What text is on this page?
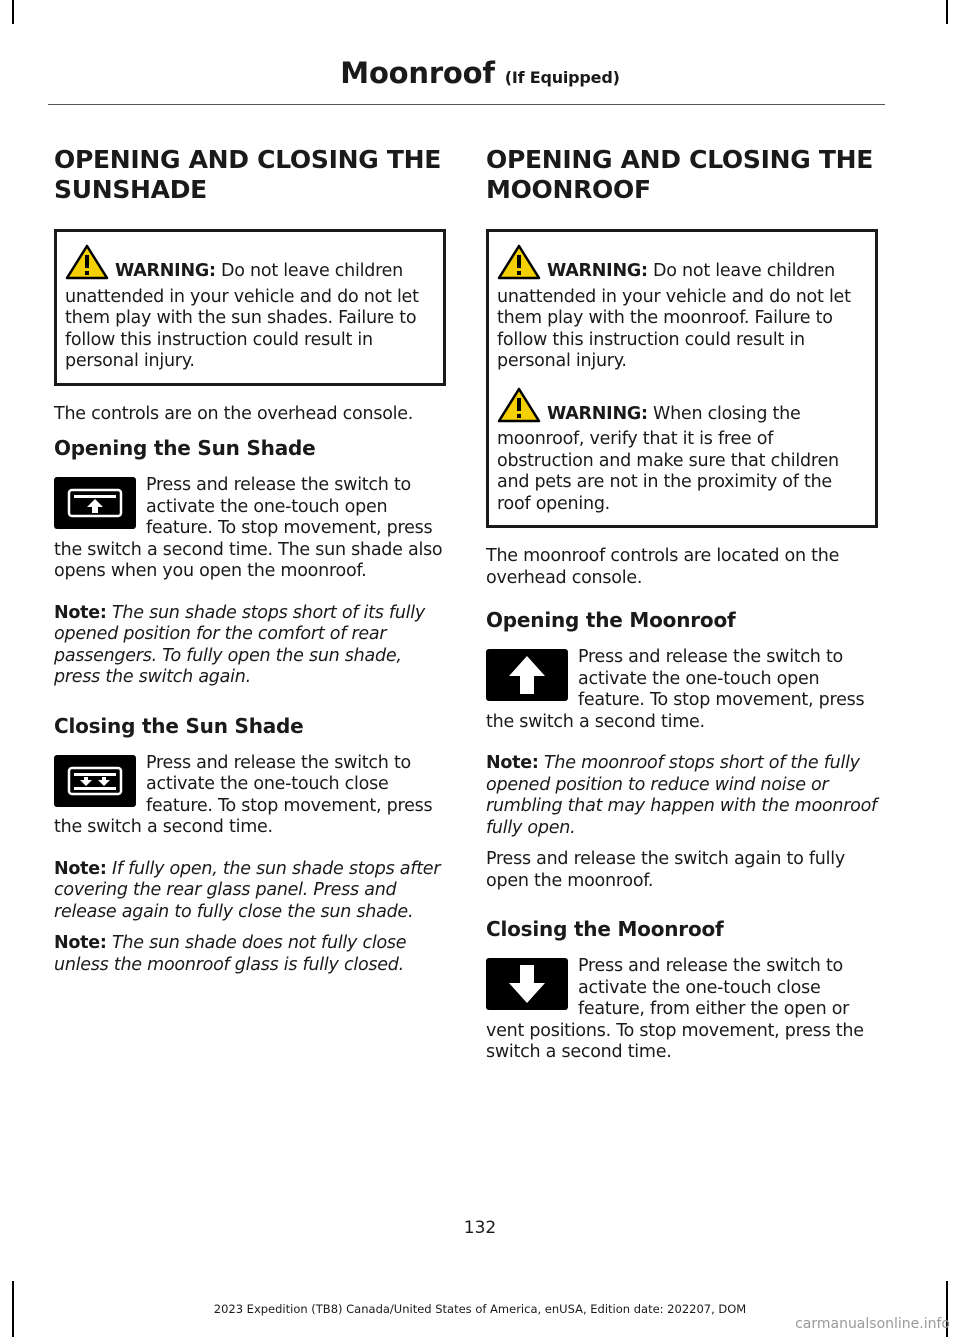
Moonroof (If Equipped)
OPENING AND CLOSING THE
SUNSHADE

WARNING: Do not leave children unattended in your vehicle and do not let them play with the sun shades. Failure to follow this instruction could result in personal injury.

The controls are on the overhead console.

Opening the Sun Shade

Press and release the switch to activate the one-touch open feature. To stop movement, press the switch a second time. The sun shade also opens when you open the moonroof.

Note: The sun shade stops short of its fully opened position for the comfort of rear passengers. To fully open the sun shade, press the switch again.

Closing the Sun Shade

Press and release the switch to activate the one-touch close feature. To stop movement, press the switch a second time.

Note: If fully open, the sun shade stops after covering the rear glass panel. Press and release again to fully close the sun shade.

Note: The sun shade does not fully close unless the moonroof glass is fully closed.

OPENING AND CLOSING THE
MOONROOF

WARNING: Do not leave children unattended in your vehicle and do not let them play with the moonroof. Failure to follow this instruction could result in personal injury.

WARNING: When closing the moonroof, verify that it is free of obstruction and make sure that children and pets are not in the proximity of the roof opening.

The moonroof controls are located on the overhead console.

Opening the Moonroof

Press and release the switch to activate the one-touch open feature. To stop movement, press the switch a second time.

Note: The moonroof stops short of the fully opened position to reduce wind noise or rumbling that may happen with the moonroof fully open.

Press and release the switch again to fully open the moonroof.

Closing the Moonroof

Press and release the switch to activate the one-touch close feature, from either the open or vent positions. To stop movement, press the switch a second time.

132
2023 Expedition (TB8) Canada/United States of America, enUSA, Edition date: 202207, DOM
carmanualsonline.info
